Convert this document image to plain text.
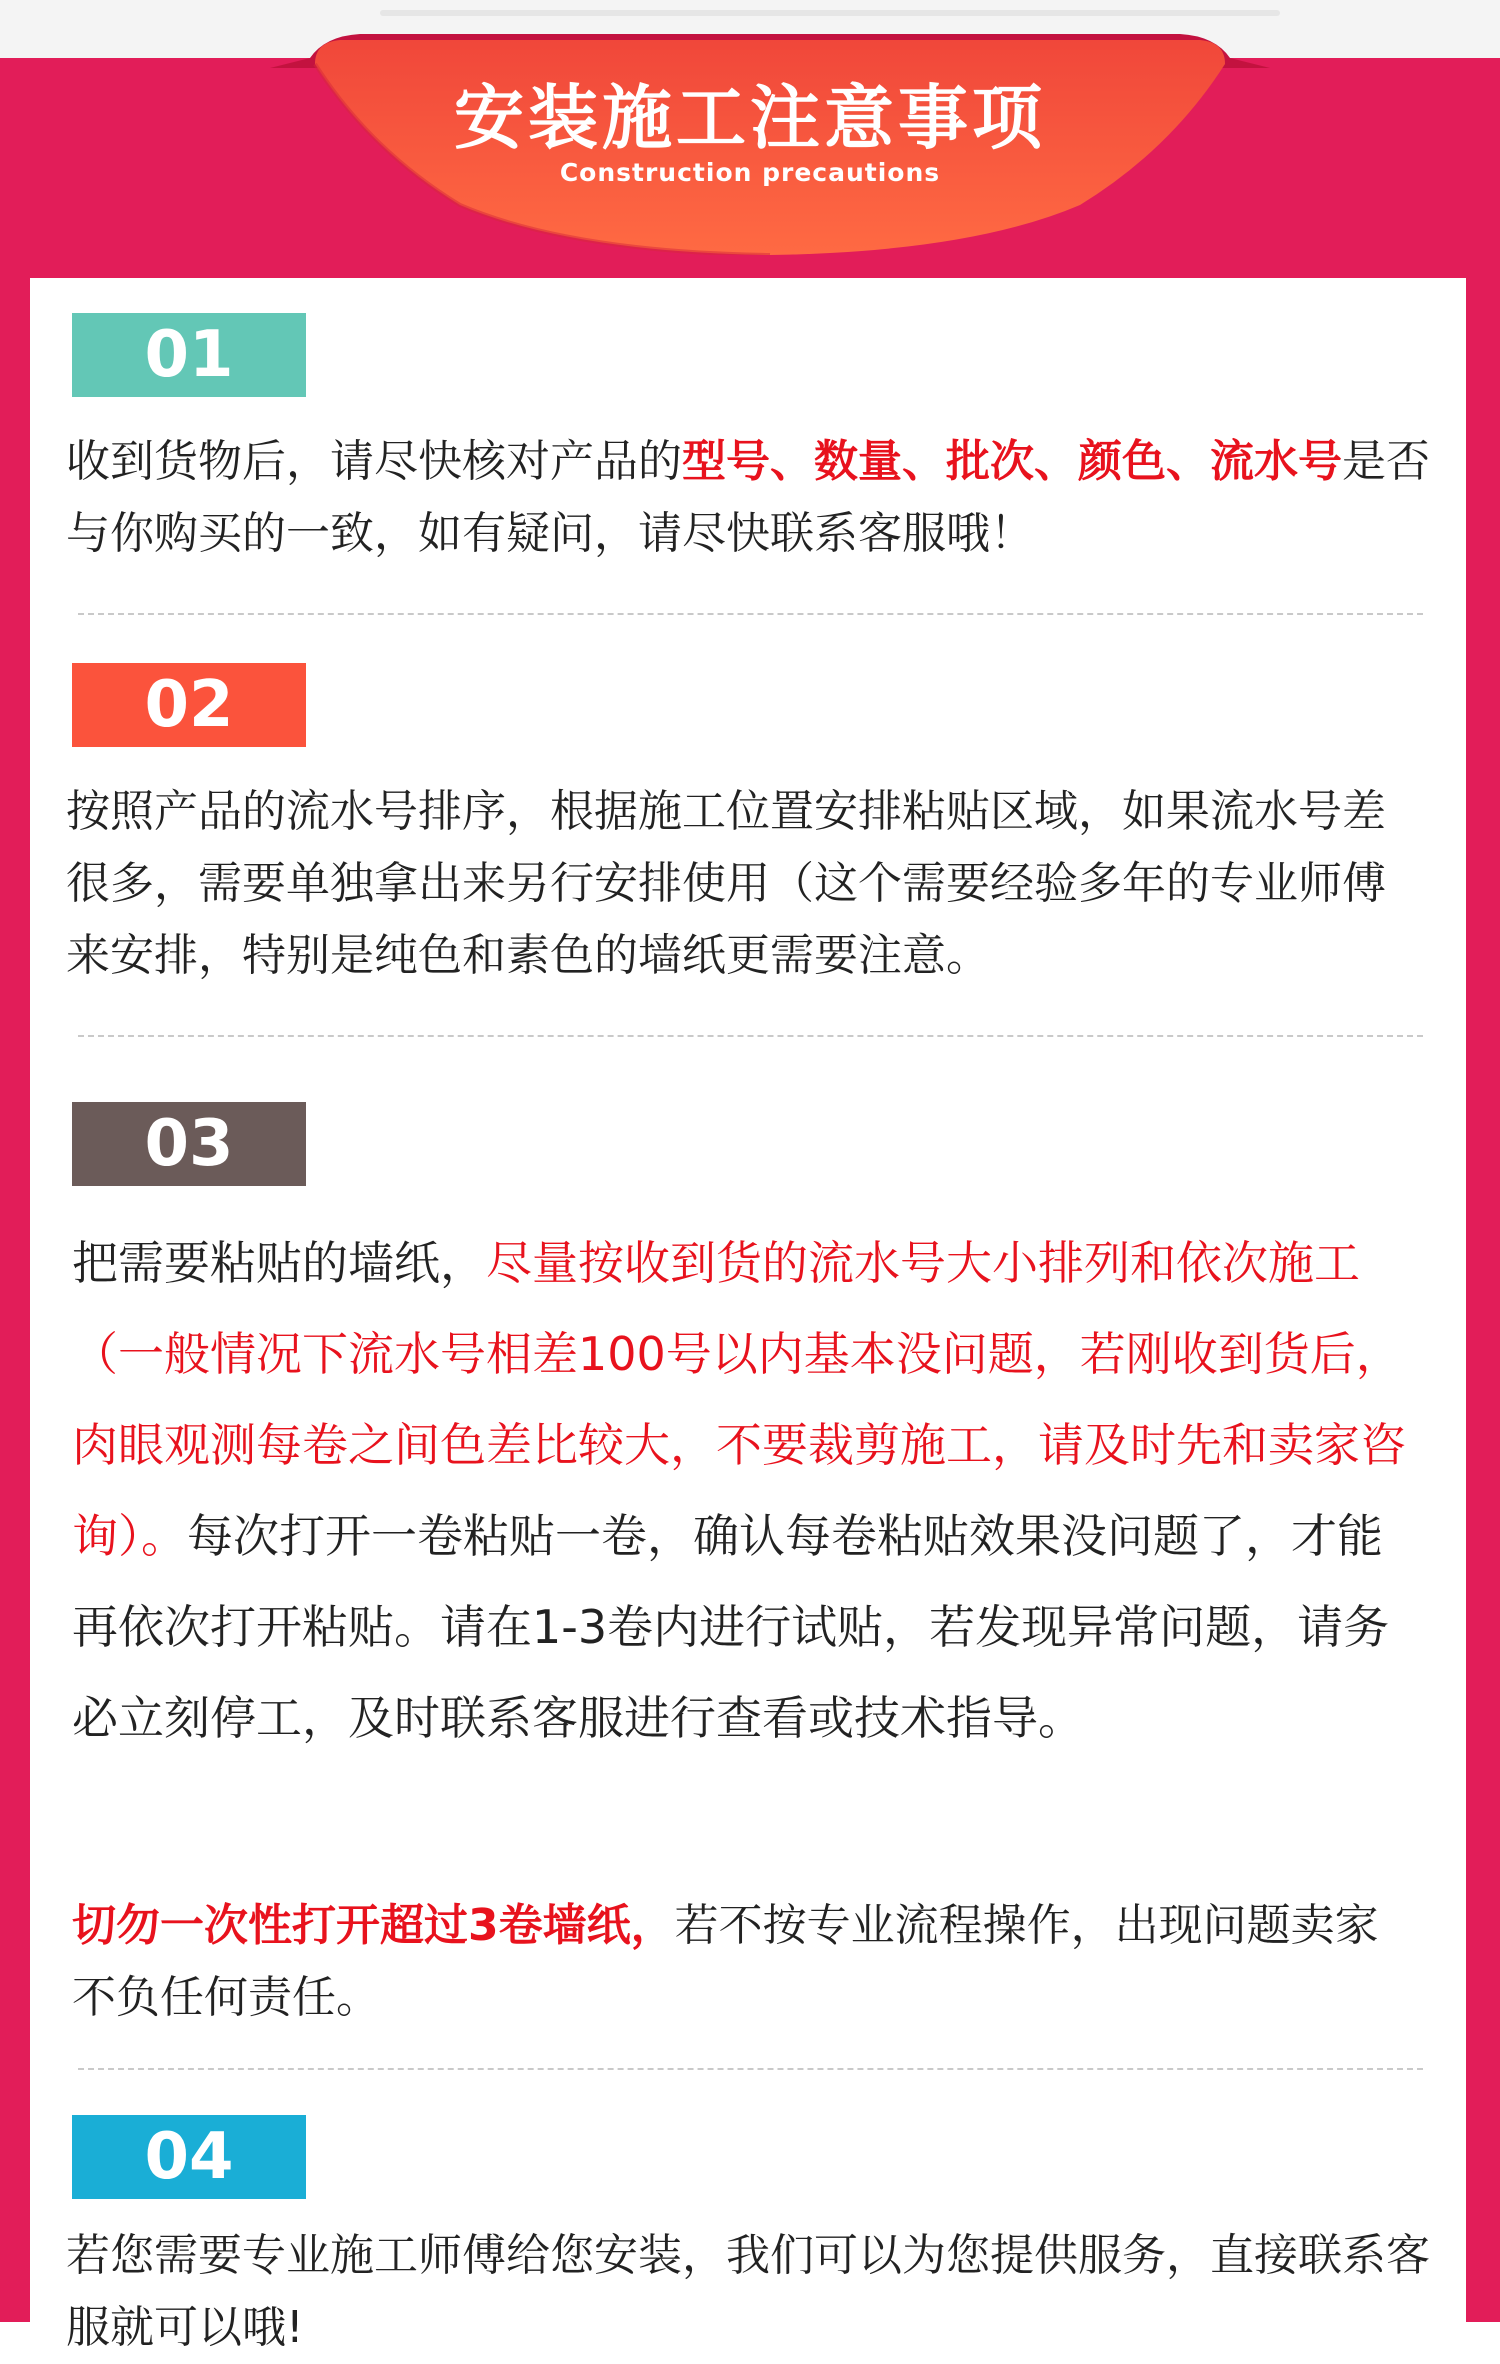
安装施工注意事项
Construction precautions
01
收到货物后，请尽快核对产品的型号、数量、批次、颜色、流水号是否与你购买的一致，如有疑问，请尽快联系客服哦！
02
按照产品的流水号排序，根据施工位置安排粘贴区域，如果流水号差很多，需要单独拿出来另行安排使用（这个需要经验多年的专业师傅来安排，特别是纯色和素色的墙纸更需要注意。
03
把需要粘贴的墙纸，尽量按收到货的流水号大小排列和依次施工（一般情况下流水号相差100号以内基本没问题，若刚收到货后，肉眼观测每卷之间色差比较大，不要裁剪施工，请及时先和卖家咨询）。每次打开一卷粘贴一卷，确认每卷粘贴效果没问题了，才能再依次打开粘贴。请在1-3卷内进行试贴，若发现异常问题，请务必立刻停工，及时联系客服进行查看或技术指导。
切勿一次性打开超过3卷墙纸，若不按专业流程操作，出现问题卖家不负任何责任。
04
若您需要专业施工师傅给您安装，我们可以为您提供服务，直接联系客服就可以哦!
